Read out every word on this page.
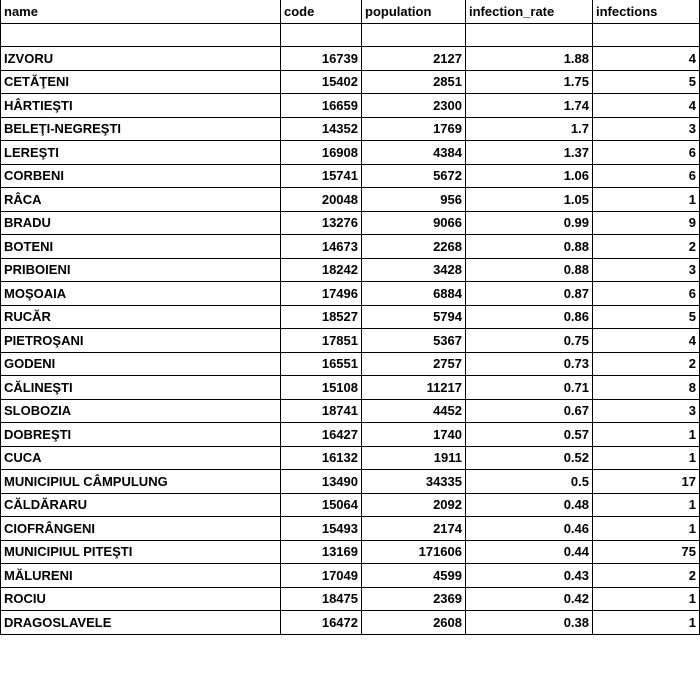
name	code	population	infection_rate	infections
IZVORU	16739	2127	1.88	4
CETĂŢENI	15402	2851	1.75	5
HÂRTIEŞTI	16659	2300	1.74	4
BELEŢI-NEGREŞTI	14352	1769	1.7	3
LEREŞTI	16908	4384	1.37	6
CORBENI	15741	5672	1.06	6
RÂCA	20048	956	1.05	1
BRADU	13276	9066	0.99	9
BOTENI	14673	2268	0.88	2
PRIBOIENI	18242	3428	0.88	3
MOŞOAIA	17496	6884	0.87	6
RUCĂR	18527	5794	0.86	5
PIETROŞANI	17851	5367	0.75	4
GODENI	16551	2757	0.73	2
CĂLINEŞTI	15108	11217	0.71	8
SLOBOZIA	18741	4452	0.67	3
DOBREŞTI	16427	1740	0.57	1
CUCA	16132	1911	0.52	1
MUNICIPIUL CÂMPULUNG	13490	34335	0.5	17
CĂLDĂRARU	15064	2092	0.48	1
CIOFRÂNGENI	15493	2174	0.46	1
MUNICIPIUL PITEŞTI	13169	171606	0.44	75
MĂLURENI	17049	4599	0.43	2
ROCIU	18475	2369	0.42	1
DRAGOSLAVELE	16472	2608	0.38	1
